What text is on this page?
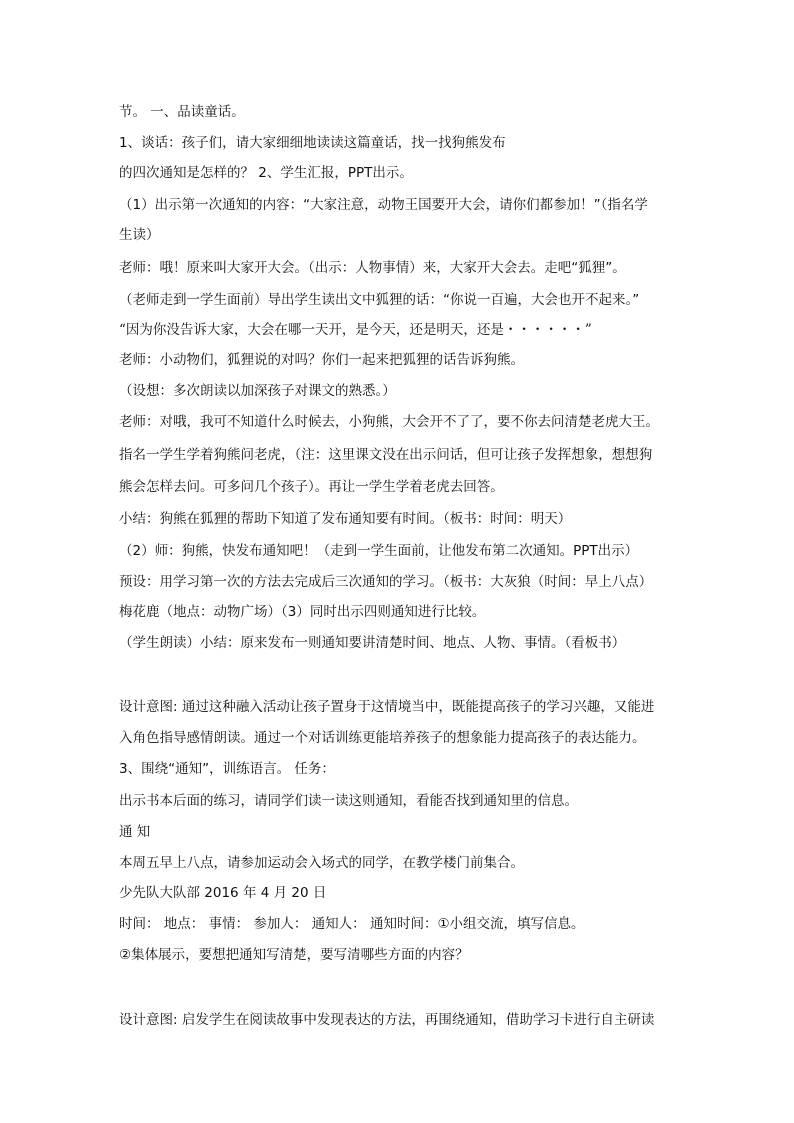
节。 一、品读童话。
1、谈话：孩子们，请大家细细地读读这篇童话，找一找狗熊发布
的四次通知是怎样的？ 2、学生汇报，PPT出示。
（1）出示第一次通知的内容：“大家注意，动物王国要开大会，请你们都参加！”（指名学
生读）
老师：哦！原来叫大家开大会。（出示：人物事情）来，大家开大会去。走吧“狐狸”。
（老师走到一学生面前）导出学生读出文中狐狸的话：“你说一百遍，大会也开不起来。”
“因为你没告诉大家，大会在哪一天开，是今天，还是明天，还是・・・・・・”
老师：小动物们，狐狸说的对吗？你们一起来把狐狸的话告诉狗熊。
（设想：多次朗读以加深孩子对课文的熟悉。）
老师：对哦，我可不知道什么时候去，小狗熊，大会开不了了，要不你去问清楚老虎大王。
指名一学生学着狗熊问老虎，（注：这里课文没在出示问话，但可让孩子发挥想象，想想狗
熊会怎样去问。可多问几个孩子）。再让一学生学着老虎去回答。
小结：狗熊在狐狸的帮助下知道了发布通知要有时间。（板书：时间：明天）
（2）师：狗熊，快发布通知吧！（走到一学生面前，让他发布第二次通知。PPT出示）
预设：用学习第一次的方法去完成后三次通知的学习。（板书：大灰狼（时间：早上八点）
梅花鹿（地点：动物广场）（3）同时出示四则通知进行比较。
（学生朗读）小结：原来发布一则通知要讲清楚时间、地点、人物、事情。（看板书）
设计意图: 通过这种融入活动让孩子置身于这情境当中，既能提高孩子的学习兴趣，又能进
入角色指导感情朗读。通过一个对话训练更能培养孩子的想象能力提高孩子的表达能力。
3、围绕“通知”，训练语言。 任务：
出示书本后面的练习，请同学们读一读这则通知，看能否找到通知里的信息。
通 知
本周五早上八点，请参加运动会入场式的同学，在教学楼门前集合。
少先队大队部 2016 年 4 月 20 日
时间： 地点： 事情： 参加人： 通知人： 通知时间：①小组交流，填写信息。
②集体展示，要想把通知写清楚，要写清哪些方面的内容？
设计意图: 启发学生在阅读故事中发现表达的方法，再围绕通知，借助学习卡进行自主研读
